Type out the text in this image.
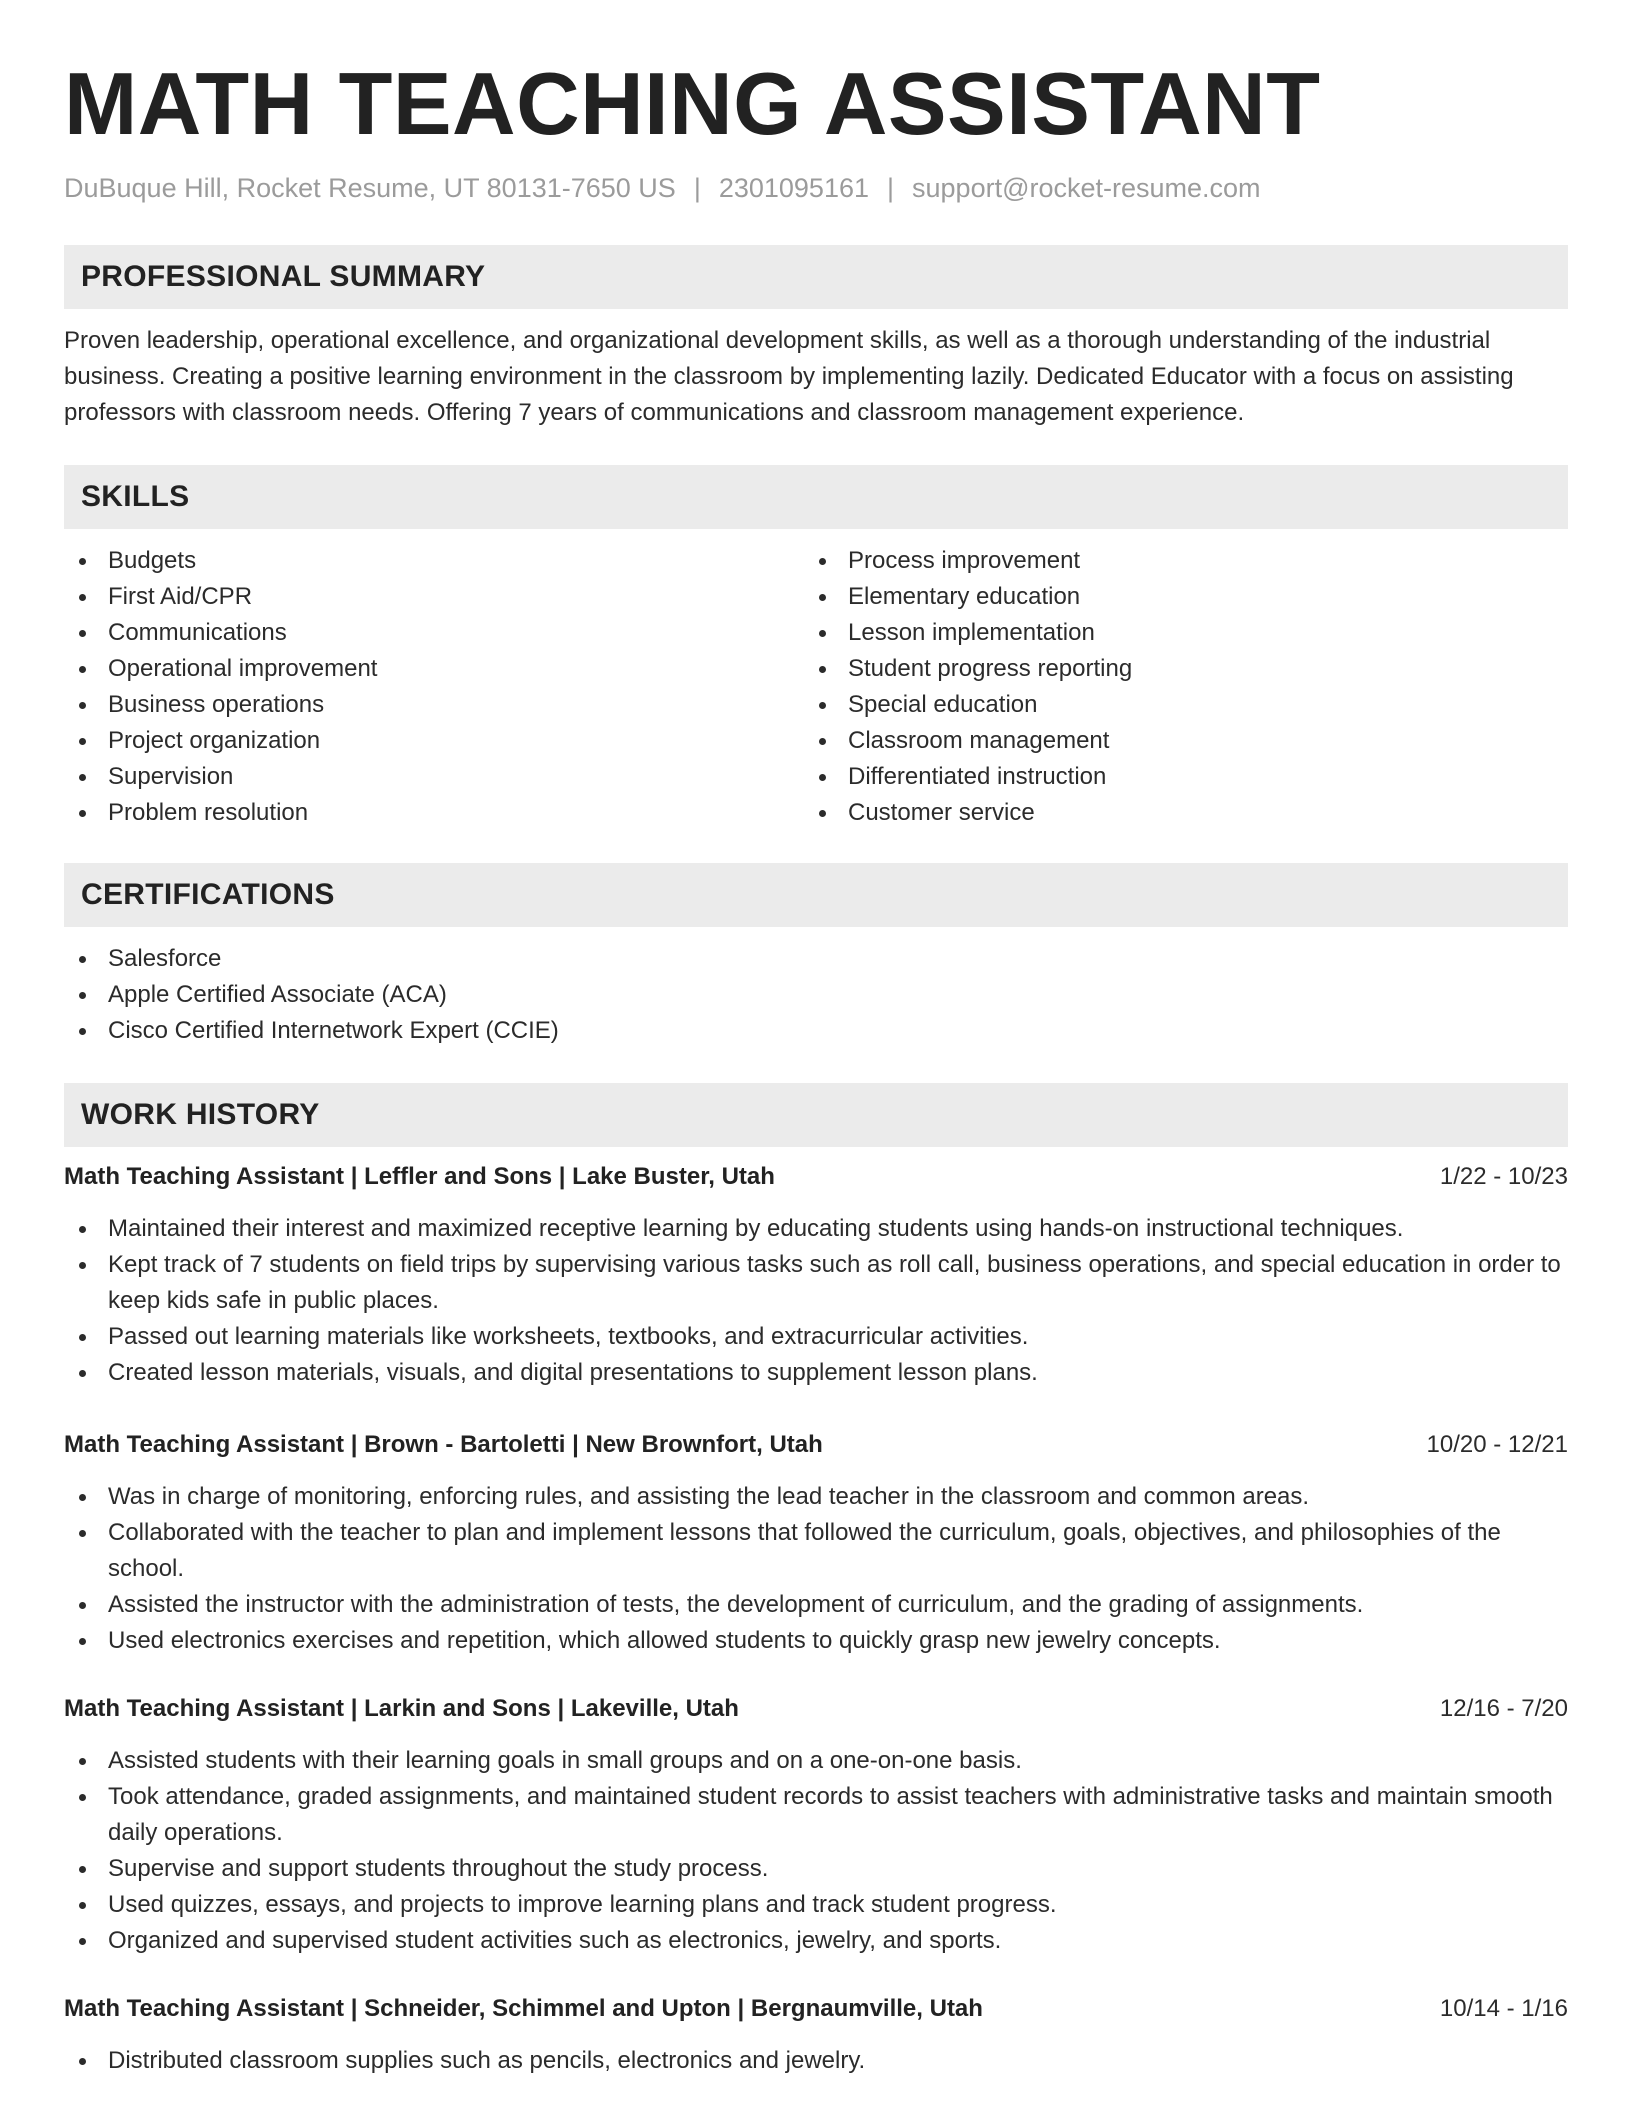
MATH TEACHING ASSISTANT
DuBuque Hill, Rocket Resume, UT 80131-7650 US | 2301095161 | support@rocket-resume.com
PROFESSIONAL SUMMARY

Proven leadership, operational excellence, and organizational development skills, as well as a thorough understanding of the industrial business. Creating a positive learning environment in the classroom by implementing lazily. Dedicated Educator with a focus on assisting professors with classroom needs. Offering 7 years of communications and classroom management experience.

SKILLS
Budgets
First Aid/CPR
Communications
Operational improvement
Business operations
Project organization
Supervision
Problem resolution
Process improvement
Elementary education
Lesson implementation
Student progress reporting
Special education
Classroom management
Differentiated instruction
Customer service
CERTIFICATIONS
Salesforce
Apple Certified Associate (ACA)
Cisco Certified Internetwork Expert (CCIE)
WORK HISTORY
Math Teaching Assistant | Leffler and Sons | Lake Buster, Utah	1/22 - 10/23
Maintained their interest and maximized receptive learning by educating students using hands-on instructional techniques.
Kept track of 7 students on field trips by supervising various tasks such as roll call, business operations, and special education in order to keep kids safe in public places.
Passed out learning materials like worksheets, textbooks, and extracurricular activities.
Created lesson materials, visuals, and digital presentations to supplement lesson plans.
Math Teaching Assistant | Brown - Bartoletti | New Brownfort, Utah	10/20 - 12/21
Was in charge of monitoring, enforcing rules, and assisting the lead teacher in the classroom and common areas.
Collaborated with the teacher to plan and implement lessons that followed the curriculum, goals, objectives, and philosophies of the school.
Assisted the instructor with the administration of tests, the development of curriculum, and the grading of assignments.
Used electronics exercises and repetition, which allowed students to quickly grasp new jewelry concepts.
Math Teaching Assistant | Larkin and Sons | Lakeville, Utah	12/16 - 7/20
Assisted students with their learning goals in small groups and on a one-on-one basis.
Took attendance, graded assignments, and maintained student records to assist teachers with administrative tasks and maintain smooth daily operations.
Supervise and support students throughout the study process.
Used quizzes, essays, and projects to improve learning plans and track student progress.
Organized and supervised student activities such as electronics, jewelry, and sports.
Math Teaching Assistant | Schneider, Schimmel and Upton | Bergnaumville, Utah	10/14 - 1/16
Distributed classroom supplies such as pencils, electronics and jewelry.
